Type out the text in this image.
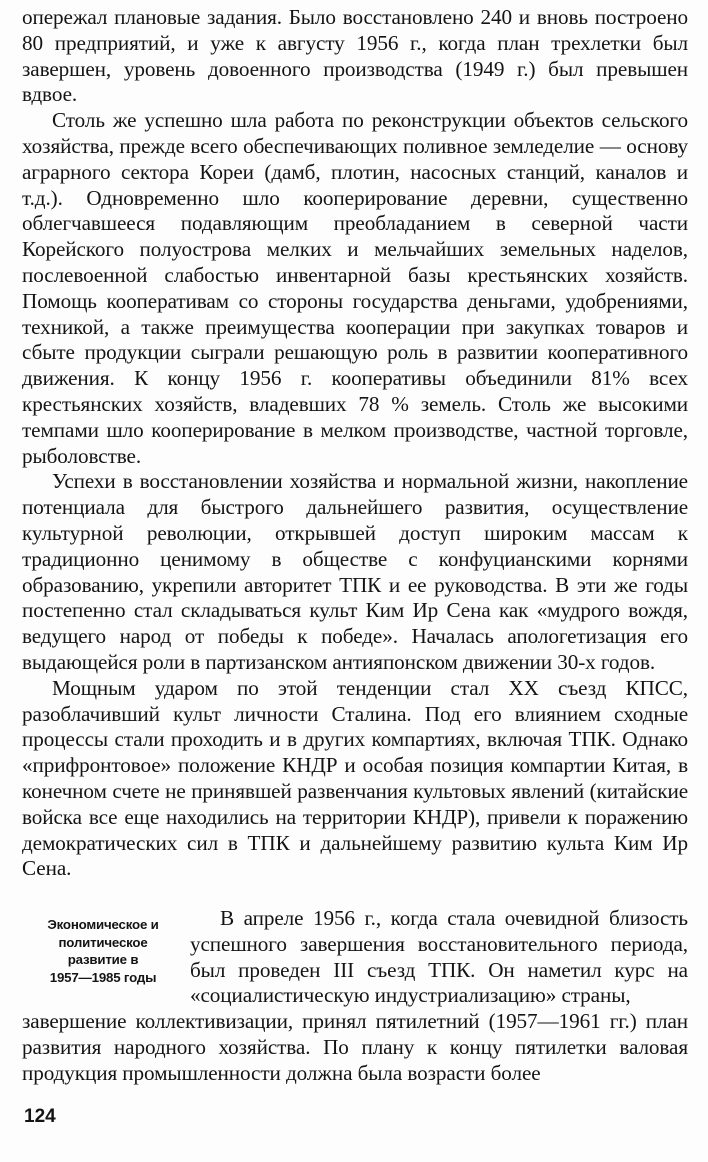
опережал плановые задания. Было восстановлено 240 и вновь построено 80 предприятий, и уже к августу 1956 г., когда план трехлетки был завершен, уровень довоенного производства (1949 г.) был превышен вдвое.

Столь же успешно шла работа по реконструкции объектов сельского хозяйства, прежде всего обеспечивающих поливное земледелие — основу аграрного сектора Кореи (дамб, плотин, насосных станций, каналов и т.д.). Одновременно шло кооперирование деревни, существенно облегчавшееся подавляющим преобладанием в северной части Корейского полуострова мелких и мельчайших земельных наделов, послевоенной слабостью инвентарной базы крестьянских хозяйств. Помощь кооперативам со стороны государства деньгами, удобрениями, техникой, а также преимущества кооперации при закупках товаров и сбыте продукции сыграли решающую роль в развитии кооперативного движения. К концу 1956 г. кооперативы объединили 81% всех крестьянских хозяйств, владевших 78 % земель. Столь же высокими темпами шло кооперирование в мелком производстве, частной торговле, рыболовстве.

Успехи в восстановлении хозяйства и нормальной жизни, накопление потенциала для быстрого дальнейшего развития, осуществление культурной революции, открывшей доступ широким массам к традиционно ценимому в обществе с конфуцианскими корнями образованию, укрепили авторитет ТПК и ее руководства. В эти же годы постепенно стал складываться культ Ким Ир Сена как «мудрого вождя, ведущего народ от победы к победе». Началась апологетизация его выдающейся роли в партизанском антияпонском движении 30-х годов.

Мощным ударом по этой тенденции стал XX съезд КПСС, разоблачивший культ личности Сталина. Под его влиянием сходные процессы стали проходить и в других компартиях, включая ТПК. Однако «прифронтовое» положение КНДР и особая позиция компартии Китая, в конечном счете не принявшей развенчания культовых явлений (китайские войска все еще находились на территории КНДР), привели к поражению демократических сил в ТПК и дальнейшему развитию культа Ким Ир Сена.

Экономическое и
политическое
развитие в
1957—1985 годы

В апреле 1956 г., когда стала очевидной близость успешного завершения восстановительного периода, был проведен III съезд ТПК. Он наметил курс на «социалистическую индустриализацию» страны,

завершение коллективизации, принял пятилетний (1957—1961 гг.) план развития народного хозяйства. По плану к концу пятилетки валовая продукция промышленности должна была возрасти более

124
